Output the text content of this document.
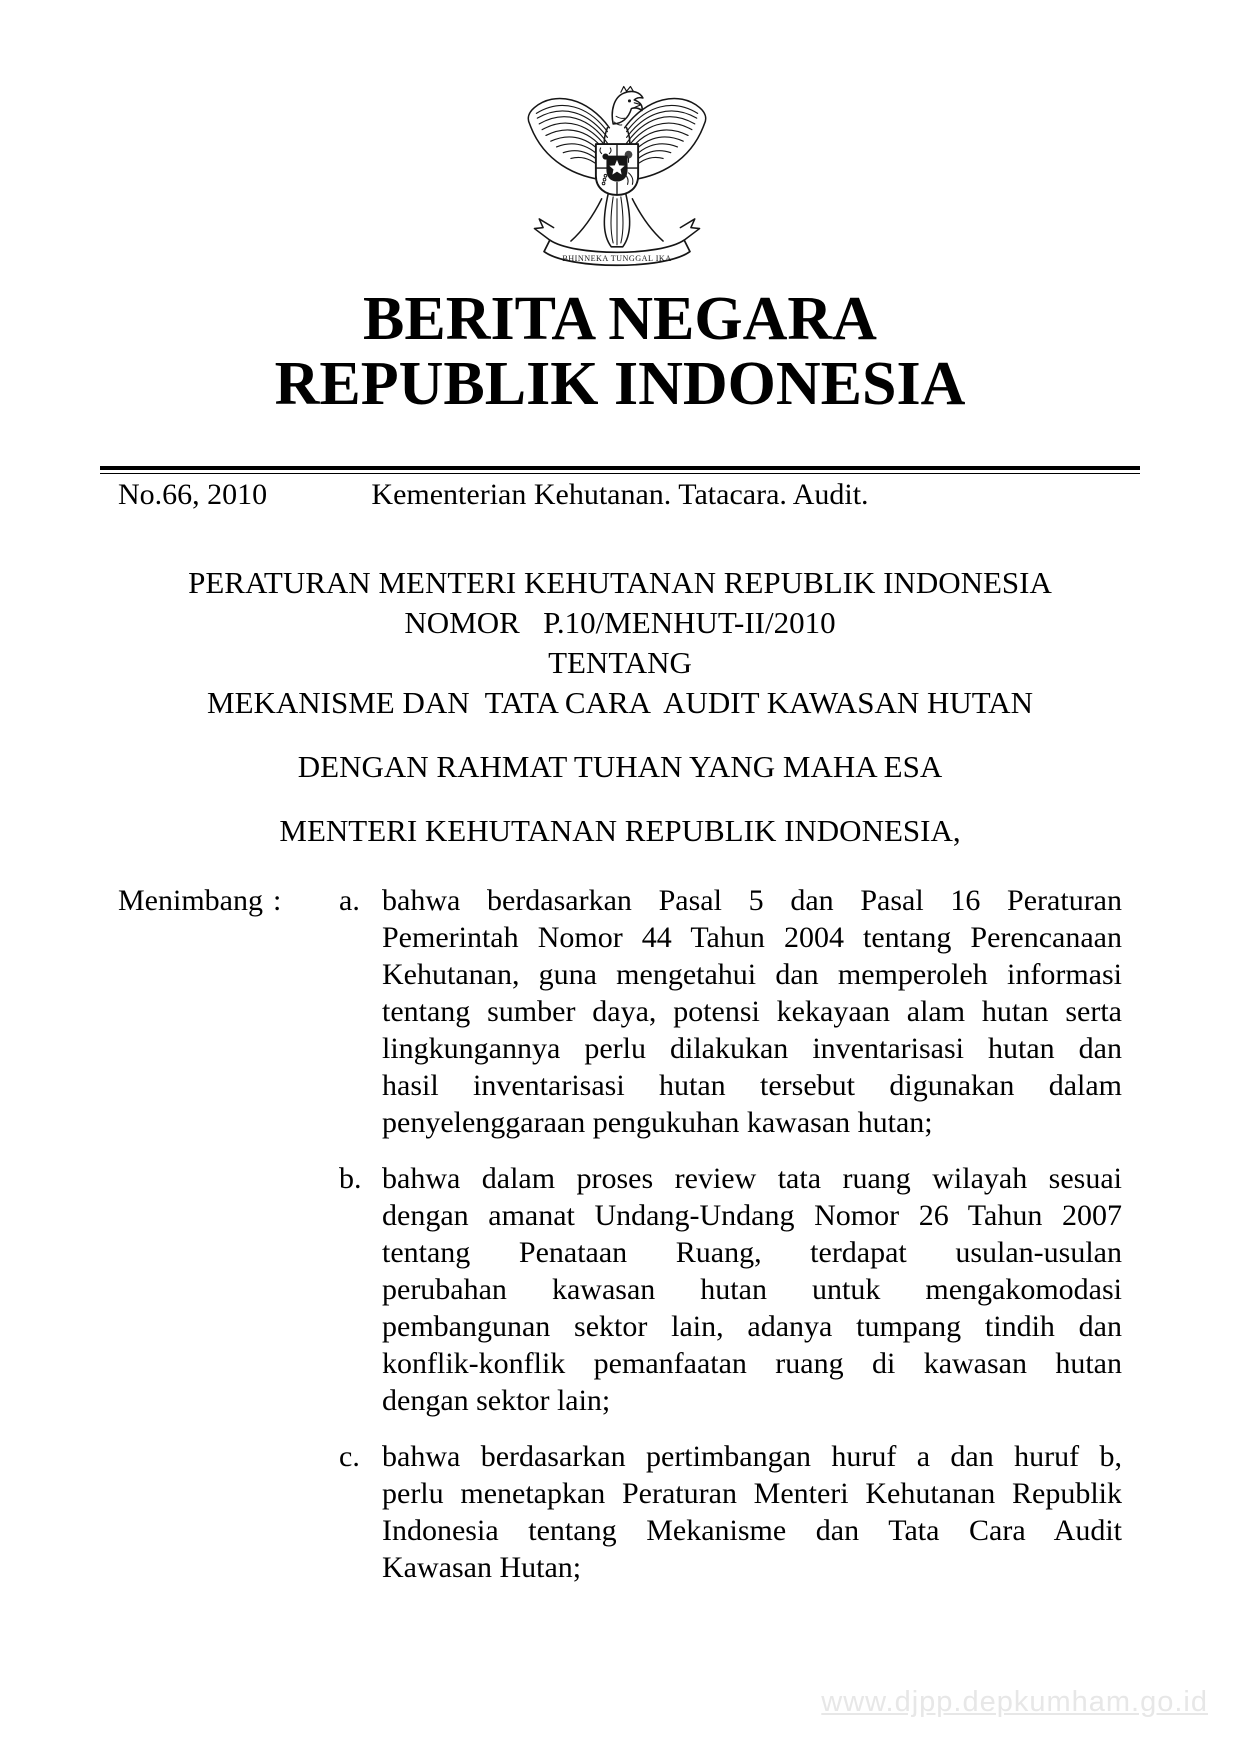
BHINNEKA TUNGGAL IKA
BERITA NEGARA
REPUBLIK INDONESIA
No.66, 2010	Kementerian Kehutanan. Tatacara. Audit.
PERATURAN MENTERI KEHUTANAN REPUBLIK INDONESIA
NOMOR   P.10/MENHUT-II/2010
TENTANG
MEKANISME DAN  TATA CARA  AUDIT KAWASAN HUTAN
DENGAN RAHMAT TUHAN YANG MAHA ESA
MENTERI KEHUTANAN REPUBLIK INDONESIA,
Menimbang :	a. bahwa berdasarkan Pasal 5 dan Pasal 16 Peraturan
Pemerintah Nomor 44 Tahun 2004 tentang Perencanaan
Kehutanan, guna mengetahui dan memperoleh informasi
tentang sumber daya, potensi kekayaan alam hutan serta
lingkungannya perlu dilakukan inventarisasi hutan dan
hasil inventarisasi hutan tersebut digunakan dalam
penyelenggaraan pengukuhan kawasan hutan;
b. bahwa dalam proses review tata ruang wilayah sesuai
dengan amanat Undang-Undang Nomor 26 Tahun 2007
tentang Penataan Ruang, terdapat usulan-usulan
perubahan kawasan hutan untuk mengakomodasi
pembangunan sektor lain, adanya tumpang tindih dan
konflik-konflik pemanfaatan ruang di kawasan hutan
dengan sektor lain;
c. bahwa berdasarkan pertimbangan huruf a dan huruf b,
perlu menetapkan Peraturan Menteri Kehutanan Republik
Indonesia tentang Mekanisme dan Tata Cara Audit
Kawasan Hutan;
www.djpp.depkumham.go.id
